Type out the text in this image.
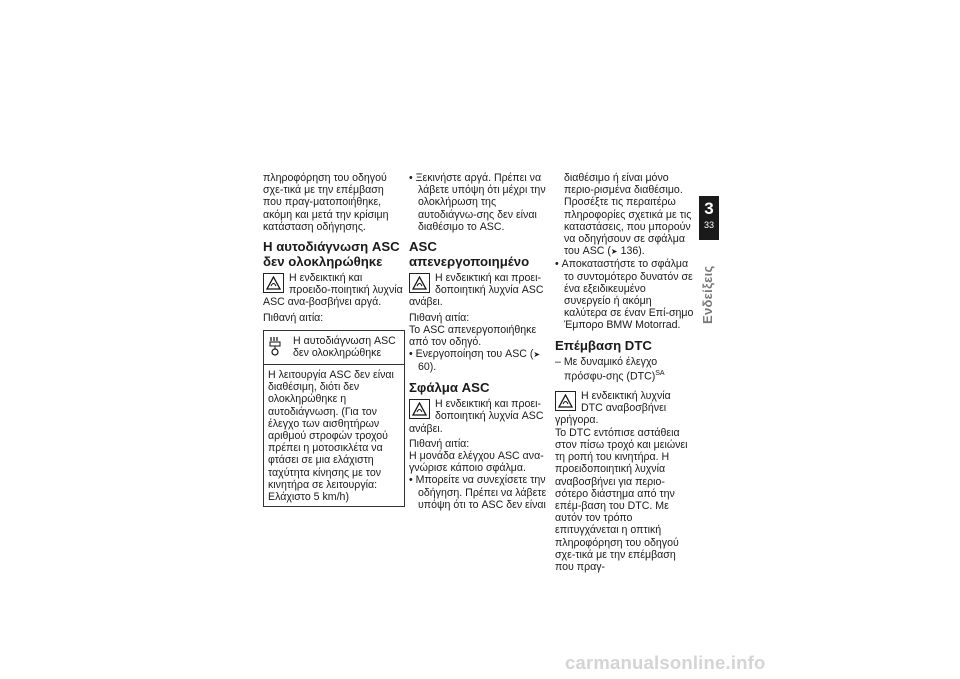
πληροφόρηση του οδηγού σχε-τικά με την επέμβαση που πραγ-ματοποιήθηκε, ακόμη και μετά την κρίσιμη κατάσταση οδήγησης.

Η αυτοδιάγνωση ASC δεν ολοκληρώθηκε

Η ενδεικτική και προειδο-ποιητική λυχνία ASC ανα-βοσβήνει αργά.

Πιθανή αιτία:

Η αυτοδιάγνωση ASC δεν ολοκληρώθηκε
Η λειτουργία ASC δεν είναι διαθέσιμη, διότι δεν ολοκληρώθηκε η αυτοδιάγνωση. (Για τον έλεγχο των αισθητήρων αριθμού στροφών τροχού πρέπει η μοτοσικλέτα να φτάσει σε μια ελάχιστη ταχύτητα κίνησης με τον κινητήρα σε λειτουργία: Ελάχιστο 5 km/h)

• Ξεκινήστε αργά. Πρέπει να λάβετε υπόψη ότι μέχρι την ολοκλήρωση της αυτοδιάγνω-σης δεν είναι διαθέσιμο το ASC.

ASC απενεργοποιημένο

Η ενδεικτική και προει-δοποιητική λυχνία ASC ανάβει.

Πιθανή αιτία:

Το ASC απενεργοποιήθηκε από τον οδηγό.

• Ενεργοποίηση του ASC (➤ 60).

Σφάλμα ASC

Η ενδεικτική και προει-δοποιητική λυχνία ASC ανάβει.

Πιθανή αιτία:

Η μονάδα ελέγχου ASC ανα-γνώρισε κάποιο σφάλμα.

• Μπορείτε να συνεχίσετε την οδήγηση. Πρέπει να λάβετε υπόψη ότι το ASC δεν είναι

διαθέσιμο ή είναι μόνο περιο-ρισμένα διαθέσιμο. Προσέξτε τις περαιτέρω πληροφορίες σχετικά με τις καταστάσεις, που μπορούν να οδηγήσουν σε σφάλμα του ASC (➤ 136).

• Αποκαταστήστε το σφάλμα το συντομότερο δυνατόν σε ένα εξειδικευμένο συνεργείο ή ακόμη καλύτερα σε έναν Επί-σημο Έμπορο BMW Motorrad.

Επέμβαση DTC

– Με δυναμικό έλεγχο πρόσφυ-σης (DTC)$^{SA}$

Η ενδεικτική λυχνία DTC αναβοσβήνει γρήγορα.

Το DTC εντόπισε αστάθεια στον πίσω τροχό και μειώνει τη ροπή του κινητήρα. Η προειδοποιητική λυχνία αναβοσβήνει για περιο-σότερο διάστημα από την επέμ-βαση του DTC. Με αυτόν τον τρόπο επιτυγχάνεται η οπτική πληροφόρηση του οδηγού σχε-τικά με την επέμβαση που πραγ-

3
33
Ενδείξεις
carmanualsonline.info
